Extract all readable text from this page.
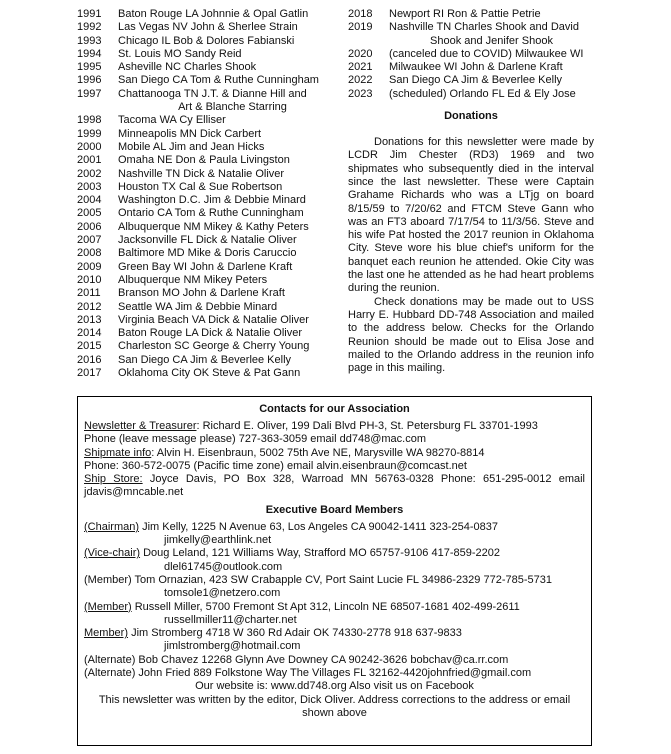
1991	Baton Rouge LA Johnnie & Opal Gatlin
1992	Las Vegas NV John & Sherlee Strain
1993	Chicago IL Bob & Dolores Fabianski
1994	St. Louis MO Sandy Reid
1995	Asheville NC Charles Shook
1996	San Diego CA Tom & Ruthe Cunningham
1997	Chattanooga TN J.T. & Dianne Hill and
Art & Blanche Starring
1998	Tacoma WA Cy Elliser
1999	Minneapolis MN Dick Carbert
2000	Mobile AL Jim and Jean Hicks
2001	Omaha NE Don & Paula Livingston
2002	Nashville TN Dick & Natalie Oliver
2003	Houston TX Cal & Sue Robertson
2004	Washington D.C. Jim & Debbie Minard
2005	Ontario CA Tom & Ruthe Cunningham
2006	Albuquerque NM Mikey & Kathy Peters
2007	Jacksonville FL Dick & Natalie Oliver
2008	Baltimore MD Mike & Doris Caruccio
2009	Green Bay WI John & Darlene Kraft
2010	Albuquerque NM Mikey Peters
2011	Branson MO John & Darlene Kraft
2012	Seattle WA Jim & Debbie Minard
2013	Virginia Beach VA Dick & Natalie Oliver
2014	Baton Rouge LA Dick & Natalie Oliver
2015	Charleston SC George & Cherry Young
2016	San Diego CA Jim & Beverlee Kelly
2017	Oklahoma City OK Steve & Pat Gann
2018	Newport RI Ron & Pattie Petrie
2019	Nashville TN Charles Shook and David
Shook and Jenifer Shook
2020	(canceled due to COVID) Milwaukee WI
2021	Milwaukee WI John & Darlene Kraft
2022	San Diego CA Jim & Beverlee Kelly
2023	(scheduled) Orlando FL Ed & Ely Jose
Donations

Donations for this newsletter were made by LCDR Jim Chester (RD3) 1969 and two shipmates who subsequently died in the interval since the last newsletter. These were Captain Grahame Richards who was a LTjg on board 8/15/59 to 7/20/62 and FTCM Steve Gann who was an FT3 aboard 7/17/54 to 11/3/56. Steve and his wife Pat hosted the 2017 reunion in Oklahoma City. Steve wore his blue chief's uniform for the banquet each reunion he attended. Okie City was the last one he attended as he had heart problems during the reunion.

Check donations may be made out to USS Harry E. Hubbard DD-748 Association and mailed to the address below. Checks for the Orlando Reunion should be made out to Elisa Jose and mailed to the Orlando address in the reunion info page in this mailing.

Contacts for our Association
Newsletter & Treasurer: Richard E. Oliver, 199 Dali Blvd PH-3, St. Petersburg FL 33701-1993
Phone (leave message please) 727-363-3059 email dd748@mac.com
Shipmate info: Alvin H. Eisenbraun, 5002 75th Ave NE, Marysville WA 98270-8814
Phone: 360-572-0075 (Pacific time zone) email alvin.eisenbraun@comcast.net
Ship Store: Joyce Davis, PO Box 328, Warroad MN 56763-0328 Phone: 651-295-0012 email jdavis@mncable.net
Executive Board Members
(Chairman) Jim Kelly, 1225 N Avenue 63, Los Angeles CA 90042-1411 323-254-0837
jimkelly@earthlink.net
(Vice-chair) Doug Leland, 121 Williams Way, Strafford MO 65757-9106 417-859-2202
dlel61745@outlook.com
(Member) Tom Ornazian, 423 SW Crabapple CV, Port Saint Lucie FL 34986-2329 772-785-5731
tomsole1@netzero.com
(Member) Russell Miller, 5700 Fremont St Apt 312, Lincoln NE 68507-1681 402-499-2611
russellmiller11@charter.net
Member) Jim Stromberg 4718 W 360 Rd Adair OK 74330-2778 918 637-9833
jimlstromberg@hotmail.com
(Alternate) Bob Chavez 12268 Glynn Ave Downey CA 90242-3626 bobchav@ca.rr.com
(Alternate) John Fried 889 Folkstone Way The Villages FL 32162-4420johnfried@gmail.com
Our website is: www.dd748.org Also visit us on Facebook
This newsletter was written by the editor, Dick Oliver. Address corrections to the address or email
shown above
